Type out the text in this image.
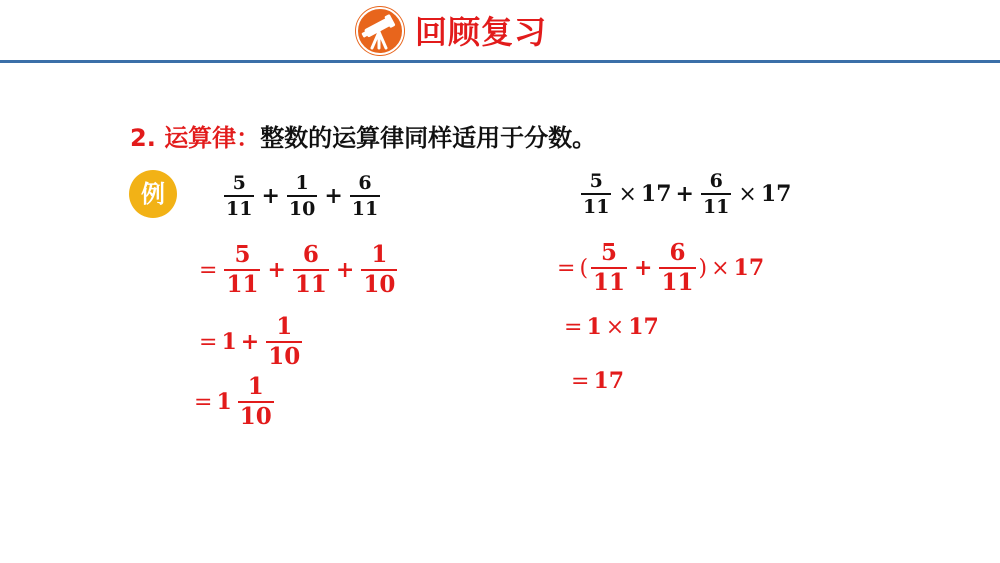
回顾复习
2. 运算律：整数的运算律同样适用于分数。
例	$\frac{5}{11} + \frac{1}{10} + \frac{6}{11}$
= $\frac{5}{11} + \frac{6}{11} + \frac{1}{10}$
= $1 + \frac{1}{10}$
= $1 \frac{1}{10}$
$\frac{5}{11} \times 17 + \frac{6}{11} \times 17$
= ( $\frac{5}{11} + \frac{6}{11}$ ) × 17
= 1 × 17
= 17
